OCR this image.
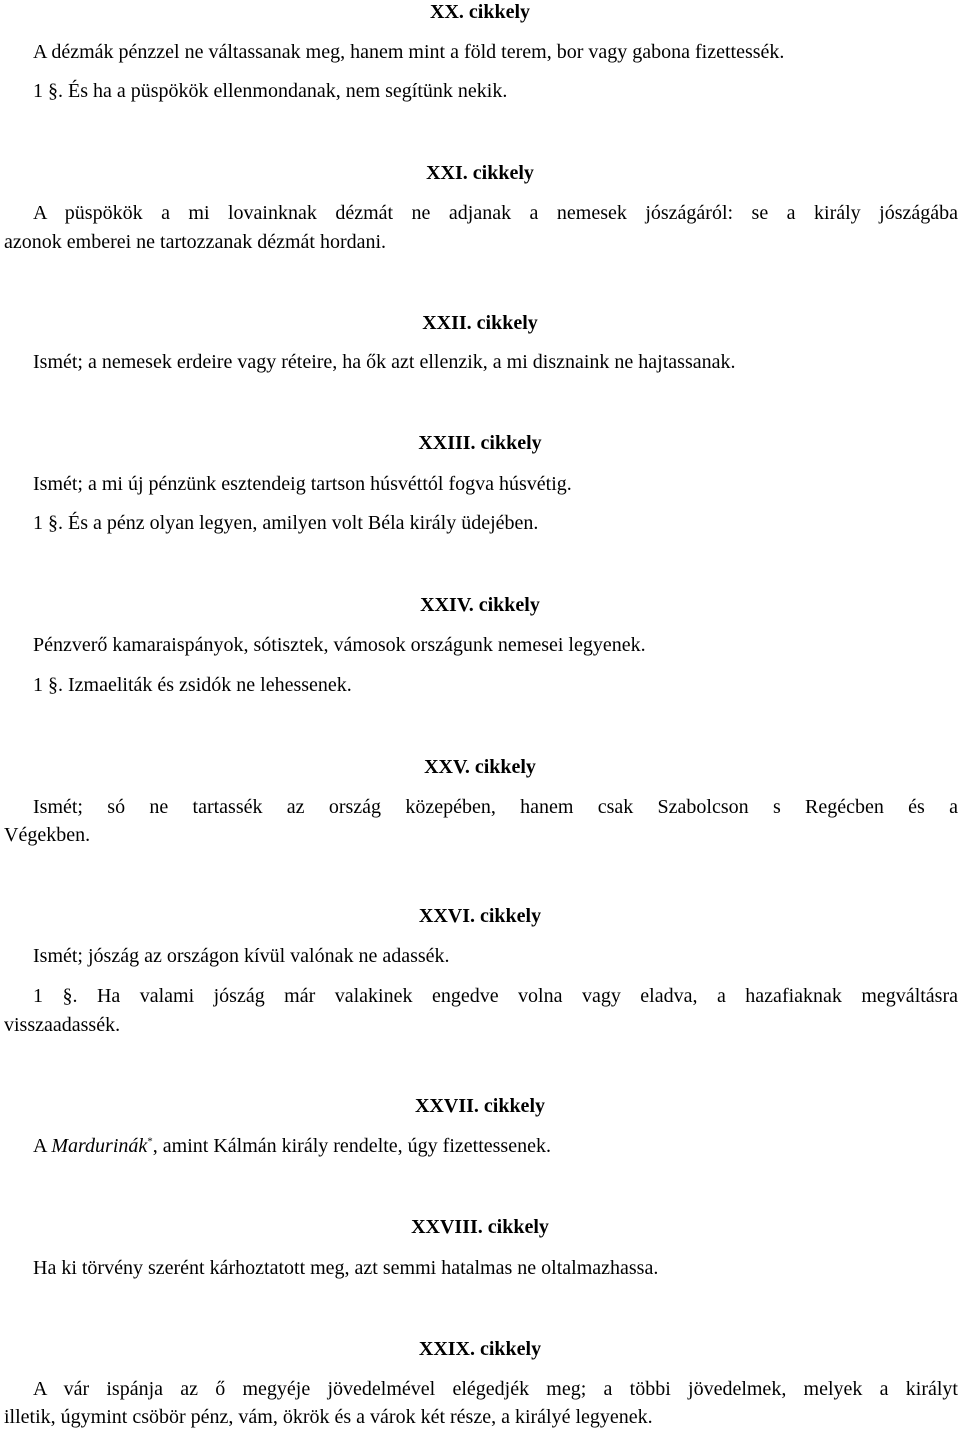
XX. cikkely
A dézmák pénzzel ne váltassanak meg, hanem mint a föld terem, bor vagy gabona fizettessék.
1 §. És ha a püspökök ellenmondanak, nem segítünk nekik.
XXI. cikkely
A püspökök a mi lovainknak dézmát ne adjanak a nemesek jószágáról: se a király jószágába
azonok emberei ne tartozzanak dézmát hordani.
XXII. cikkely
Ismét; a nemesek erdeire vagy réteire, ha ők azt ellenzik, a mi disznaink ne hajtassanak.
XXIII. cikkely
Ismét; a mi új pénzünk esztendeig tartson húsvéttól fogva húsvétig.
1 §. És a pénz olyan legyen, amilyen volt Béla király üdejében.
XXIV. cikkely
Pénzverő kamaraispányok, sótisztek, vámosok országunk nemesei legyenek.
1 §. Izmaeliták és zsidók ne lehessenek.
XXV. cikkely
Ismét; só ne tartassék az ország közepében, hanem csak Szabolcson s Regécben és a
Végekben.
XXVI. cikkely
Ismét; jószág az országon kívül valónak ne adassék.
1 §. Ha valami jószág már valakinek engedve volna vagy eladva, a hazafiaknak megváltásra
visszaadassék.
XXVII. cikkely
A Mardurinák*, amint Kálmán király rendelte, úgy fizettessenek.
XXVIII. cikkely
Ha ki törvény szerént kárhoztatott meg, azt semmi hatalmas ne oltalmazhassa.
XXIX. cikkely
A vár ispánja az ő megyéje jövedelmével elégedjék meg; a többi jövedelmek, melyek a királyt
illetik, úgymint csöbör pénz, vám, ökrök és a várok két része, a királyé legyenek.
